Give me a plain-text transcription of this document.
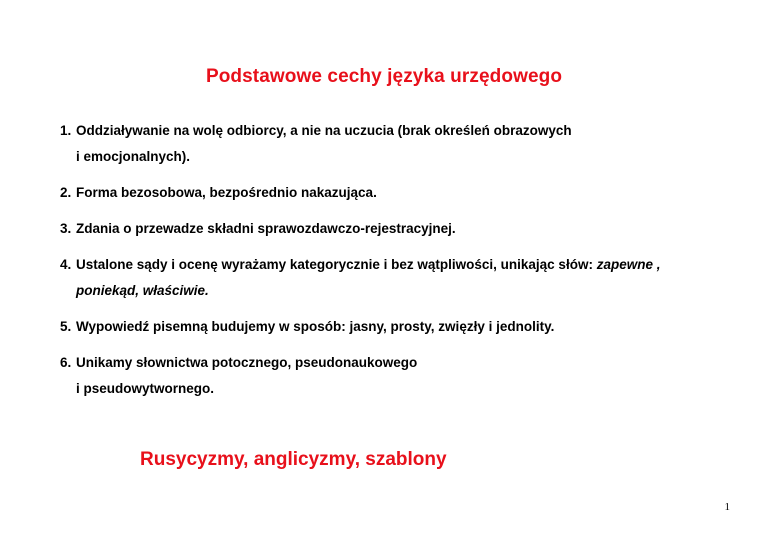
Podstawowe cechy języka urzędowego
1. Oddziaływanie na wolę odbiorcy, a nie na uczucia (brak określeń obrazowych
i emocjonalnych).
2. Forma bezosobowa, bezpośrednio nakazująca.
3. Zdania o przewadze składni sprawozdawczo-rejestracyjnej.
4. Ustalone sądy i ocenę wyrażamy kategorycznie i bez wątpliwości, unikając słów: zapewne ,
poniekąd, właściwie.
5. Wypowiedź pisemną budujemy w sposób: jasny, prosty, zwięzły i jednolity.
6. Unikamy słownictwa potocznego, pseudonaukowego
i pseudowytwornego.
Rusycyzmy, anglicyzmy, szablony
1
